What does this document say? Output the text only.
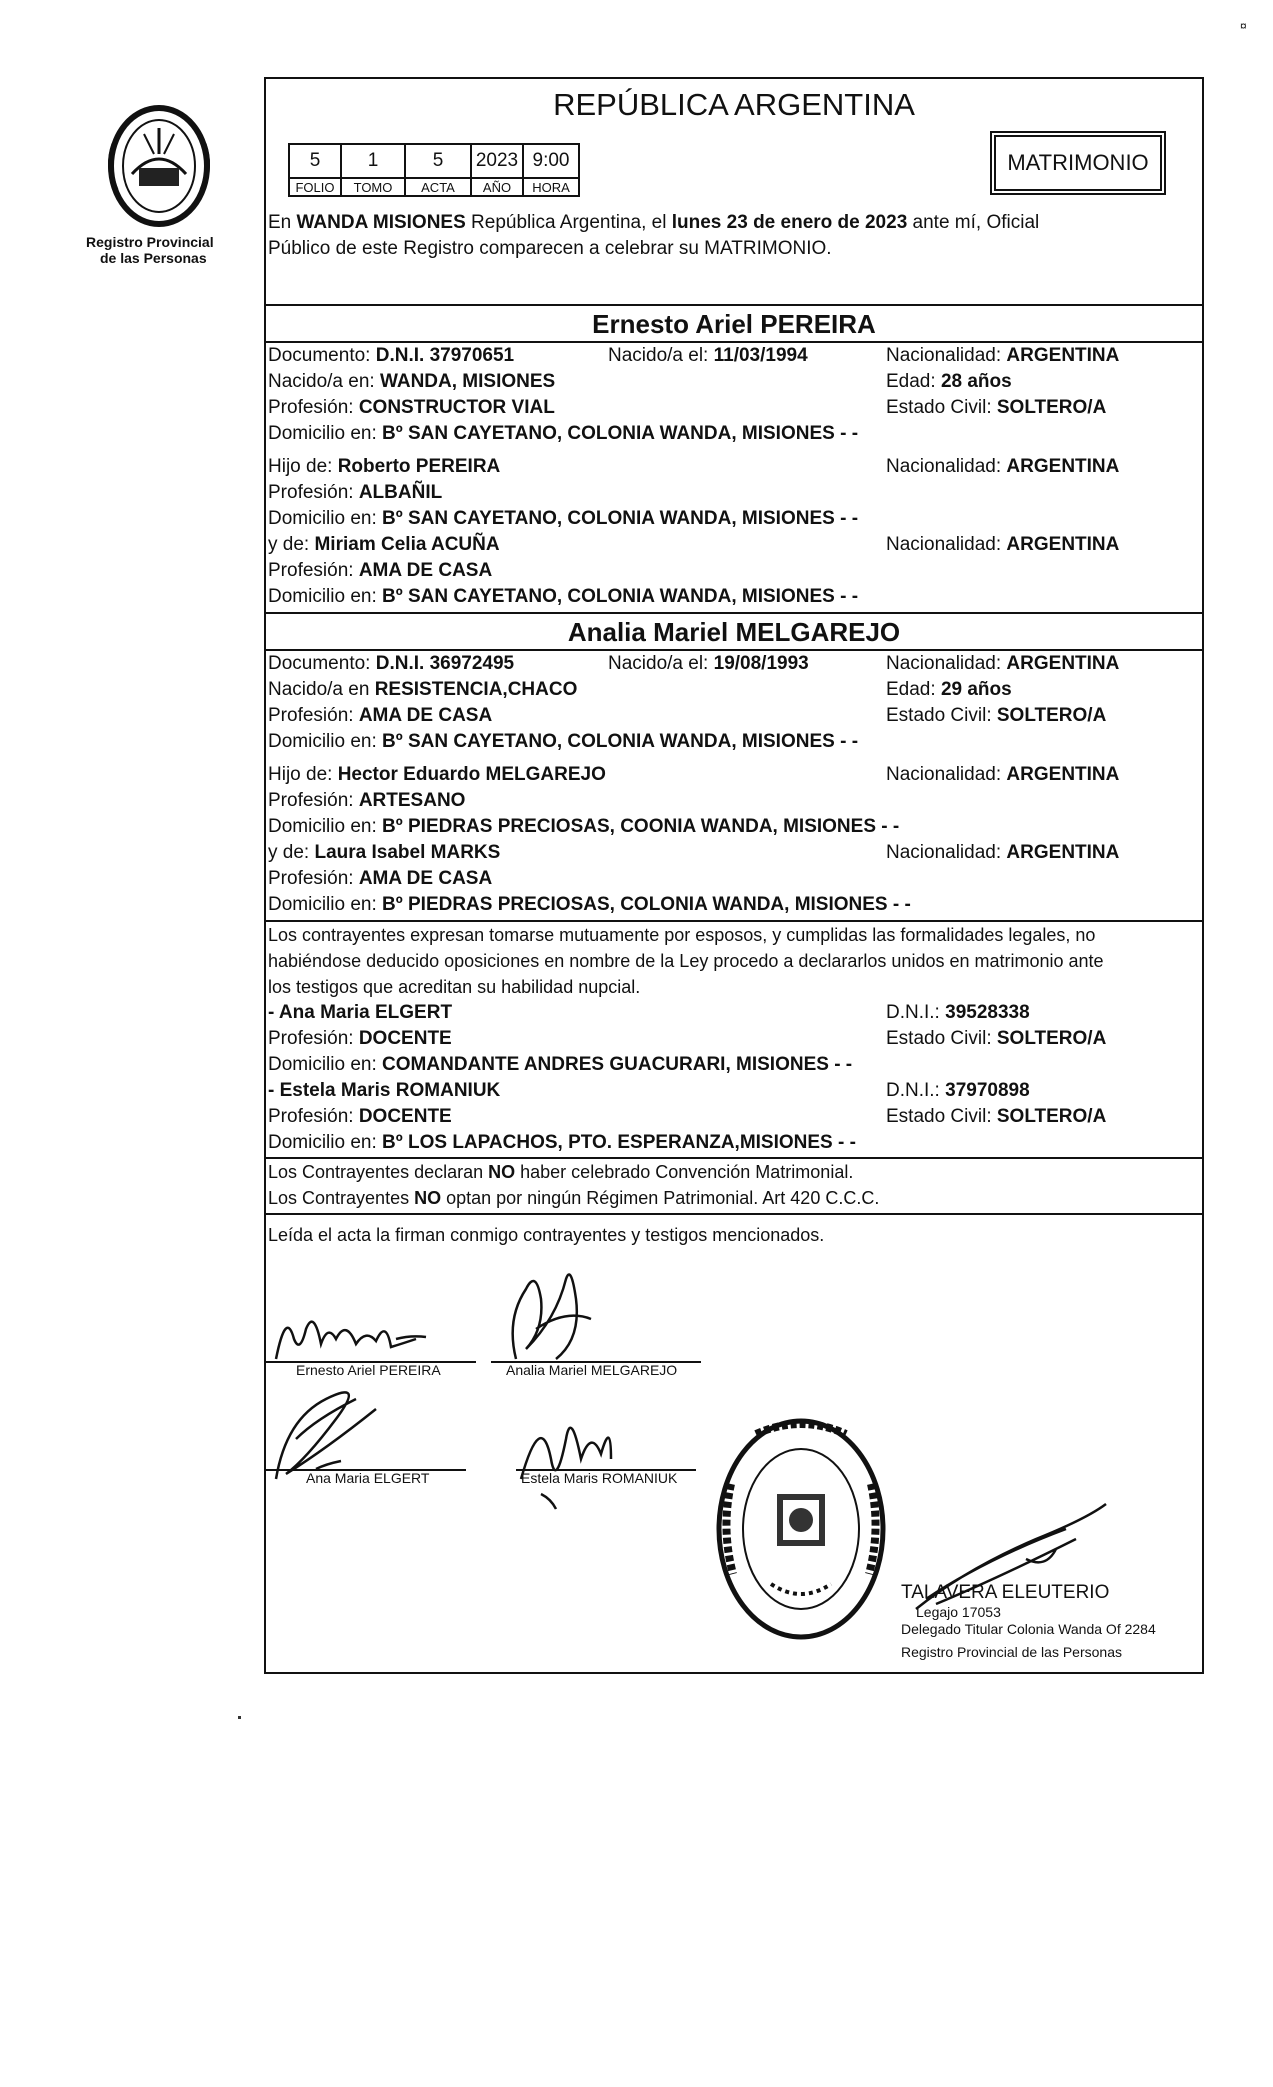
¤
Registro Provincial
de las Personas
REPÚBLICA ARGENTINA
5	1	5	2023	9:00
FOLIO	TOMO	ACTA	AÑO	HORA
MATRIMONIO
En WANDA MISIONES República Argentina, el lunes 23 de enero de 2023 ante mí, Oficial
Público de este Registro comparecen a celebrar su MATRIMONIO.
Ernesto Ariel PEREIRA
Documento: D.N.I. 37970651	Nacido/a el: 11/03/1994	Nacionalidad: ARGENTINA
Nacido/a en: WANDA, MISIONES	Edad: 28 años
Profesión: CONSTRUCTOR VIAL	Estado Civil: SOLTERO/A
Domicilio en: Bº SAN CAYETANO, COLONIA WANDA, MISIONES - -
Hijo de: Roberto PEREIRA	Nacionalidad: ARGENTINA
Profesión: ALBAÑIL
Domicilio en: Bº SAN CAYETANO, COLONIA WANDA, MISIONES - -
y de: Miriam Celia ACUÑA	Nacionalidad: ARGENTINA
Profesión: AMA DE CASA
Domicilio en: Bº SAN CAYETANO, COLONIA WANDA, MISIONES - -
Analia Mariel MELGAREJO
Documento: D.N.I. 36972495	Nacido/a el: 19/08/1993	Nacionalidad: ARGENTINA
Nacido/a en RESISTENCIA,CHACO	Edad: 29 años
Profesión: AMA DE CASA	Estado Civil: SOLTERO/A
Domicilio en: Bº SAN CAYETANO, COLONIA WANDA, MISIONES - -
Hijo de: Hector Eduardo MELGAREJO	Nacionalidad: ARGENTINA
Profesión: ARTESANO
Domicilio en: Bº PIEDRAS PRECIOSAS, COONIA WANDA, MISIONES - -
y de: Laura Isabel MARKS	Nacionalidad: ARGENTINA
Profesión: AMA DE CASA
Domicilio en: Bº PIEDRAS PRECIOSAS, COLONIA WANDA, MISIONES - -
Los contrayentes expresan tomarse mutuamente por esposos, y cumplidas las formalidades legales, no
habiéndose deducido oposiciones en nombre de la Ley procedo a declararlos unidos en matrimonio ante
los testigos que acreditan su habilidad nupcial.
- Ana Maria ELGERT	D.N.I.: 39528338
Profesión: DOCENTE	Estado Civil: SOLTERO/A
Domicilio en: COMANDANTE ANDRES GUACURARI, MISIONES - -
- Estela Maris ROMANIUK	D.N.I.: 37970898
Profesión: DOCENTE	Estado Civil: SOLTERO/A
Domicilio en: Bº LOS LAPACHOS, PTO. ESPERANZA,MISIONES - -
Los Contrayentes declaran NO haber celebrado Convención Matrimonial.
Los Contrayentes NO optan por ningún Régimen Patrimonial. Art 420 C.C.C.
Leída el acta la firman conmigo contrayentes y testigos mencionados.
Ernesto Ariel PEREIRA	Analia Mariel MELGAREJO
Ana Maria ELGERT	Estela Maris ROMANIUK
TALAVERA ELEUTERIO
Legajo 17053
Delegado Titular Colonia Wanda Of 2284
Registro Provincial de las Personas
